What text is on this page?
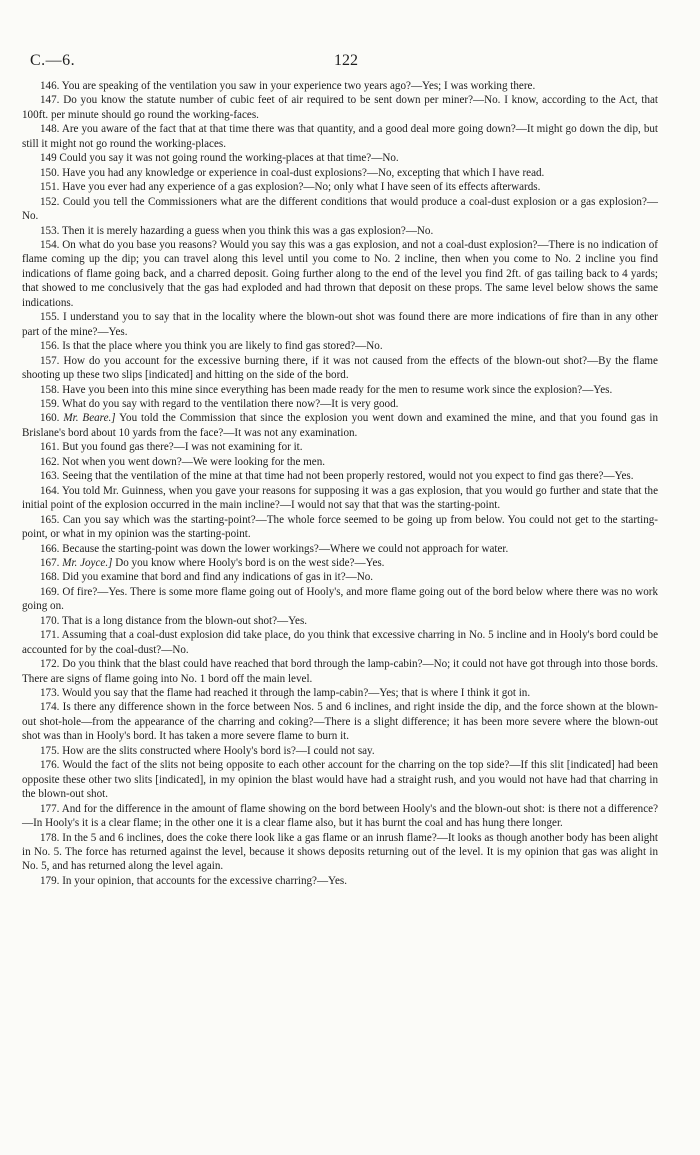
C.—6.	122

146. You are speaking of the ventilation you saw in your experience two years ago?—Yes; I was working there.

147. Do you know the statute number of cubic feet of air required to be sent down per miner?—No. I know, according to the Act, that 100ft. per minute should go round the working-faces.

148. Are you aware of the fact that at that time there was that quantity, and a good deal more going down?—It might go down the dip, but still it might not go round the working-places.

149 Could you say it was not going round the working-places at that time?—No.

150. Have you had any knowledge or experience in coal-dust explosions?—No, excepting that which I have read.

151. Have you ever had any experience of a gas explosion?—No; only what I have seen of its effects afterwards.

152. Could you tell the Commissioners what are the different conditions that would produce a coal-dust explosion or a gas explosion?—No.

153. Then it is merely hazarding a guess when you think this was a gas explosion?—No.

154. On what do you base you reasons? Would you say this was a gas explosion, and not a coal-dust explosion?—There is no indication of flame coming up the dip; you can travel along this level until you come to No. 2 incline, then when you come to No. 2 incline you find indications of flame going back, and a charred deposit. Going further along to the end of the level you find 2ft. of gas tailing back to 4 yards; that showed to me conclusively that the gas had exploded and had thrown that deposit on these props. The same level below shows the same indications.

155. I understand you to say that in the locality where the blown-out shot was found there are more indications of fire than in any other part of the mine?—Yes.

156. Is that the place where you think you are likely to find gas stored?—No.

157. How do you account for the excessive burning there, if it was not caused from the effects of the blown-out shot?—By the flame shooting up these two slips [indicated] and hitting on the side of the bord.

158. Have you been into this mine since everything has been made ready for the men to resume work since the explosion?—Yes.

159. What do you say with regard to the ventilation there now?—It is very good.

160. Mr. Beare.] You told the Commission that since the explosion you went down and examined the mine, and that you found gas in Brislane's bord about 10 yards from the face?—It was not any examination.

161. But you found gas there?—I was not examining for it.

162. Not when you went down?—We were looking for the men.

163. Seeing that the ventilation of the mine at that time had not been properly restored, would not you expect to find gas there?—Yes.

164. You told Mr. Guinness, when you gave your reasons for supposing it was a gas explosion, that you would go further and state that the initial point of the explosion occurred in the main incline?—I would not say that that was the starting-point.

165. Can you say which was the starting-point?—The whole force seemed to be going up from below. You could not get to the starting-point, or what in my opinion was the starting-point.

166. Because the starting-point was down the lower workings?—Where we could not approach for water.

167. Mr. Joyce.] Do you know where Hooly's bord is on the west side?—Yes.

168. Did you examine that bord and find any indications of gas in it?—No.

169. Of fire?—Yes. There is some more flame going out of Hooly's, and more flame going out of the bord below where there was no work going on.

170. That is a long distance from the blown-out shot?—Yes.

171. Assuming that a coal-dust explosion did take place, do you think that excessive charring in No. 5 incline and in Hooly's bord could be accounted for by the coal-dust?—No.

172. Do you think that the blast could have reached that bord through the lamp-cabin?—No; it could not have got through into those bords. There are signs of flame going into No. 1 bord off the main level.

173. Would you say that the flame had reached it through the lamp-cabin?—Yes; that is where I think it got in.

174. Is there any difference shown in the force between Nos. 5 and 6 inclines, and right inside the dip, and the force shown at the blown-out shot-hole—from the appearance of the charring and coking?—There is a slight difference; it has been more severe where the blown-out shot was than in Hooly's bord. It has taken a more severe flame to burn it.

175. How are the slits constructed where Hooly's bord is?—I could not say.

176. Would the fact of the slits not being opposite to each other account for the charring on the top side?—If this slit [indicated] had been opposite these other two slits [indicated], in my opinion the blast would have had a straight rush, and you would not have had that charring in the blown-out shot.

177. And for the difference in the amount of flame showing on the bord between Hooly's and the blown-out shot: is there not a difference?—In Hooly's it is a clear flame; in the other one it is a clear flame also, but it has burnt the coal and has hung there longer.

178. In the 5 and 6 inclines, does the coke there look like a gas flame or an inrush flame?—It looks as though another body has been alight in No. 5. The force has returned against the level, because it shows deposits returning out of the level. It is my opinion that gas was alight in No. 5, and has returned along the level again.

179. In your opinion, that accounts for the excessive charring?—Yes.
